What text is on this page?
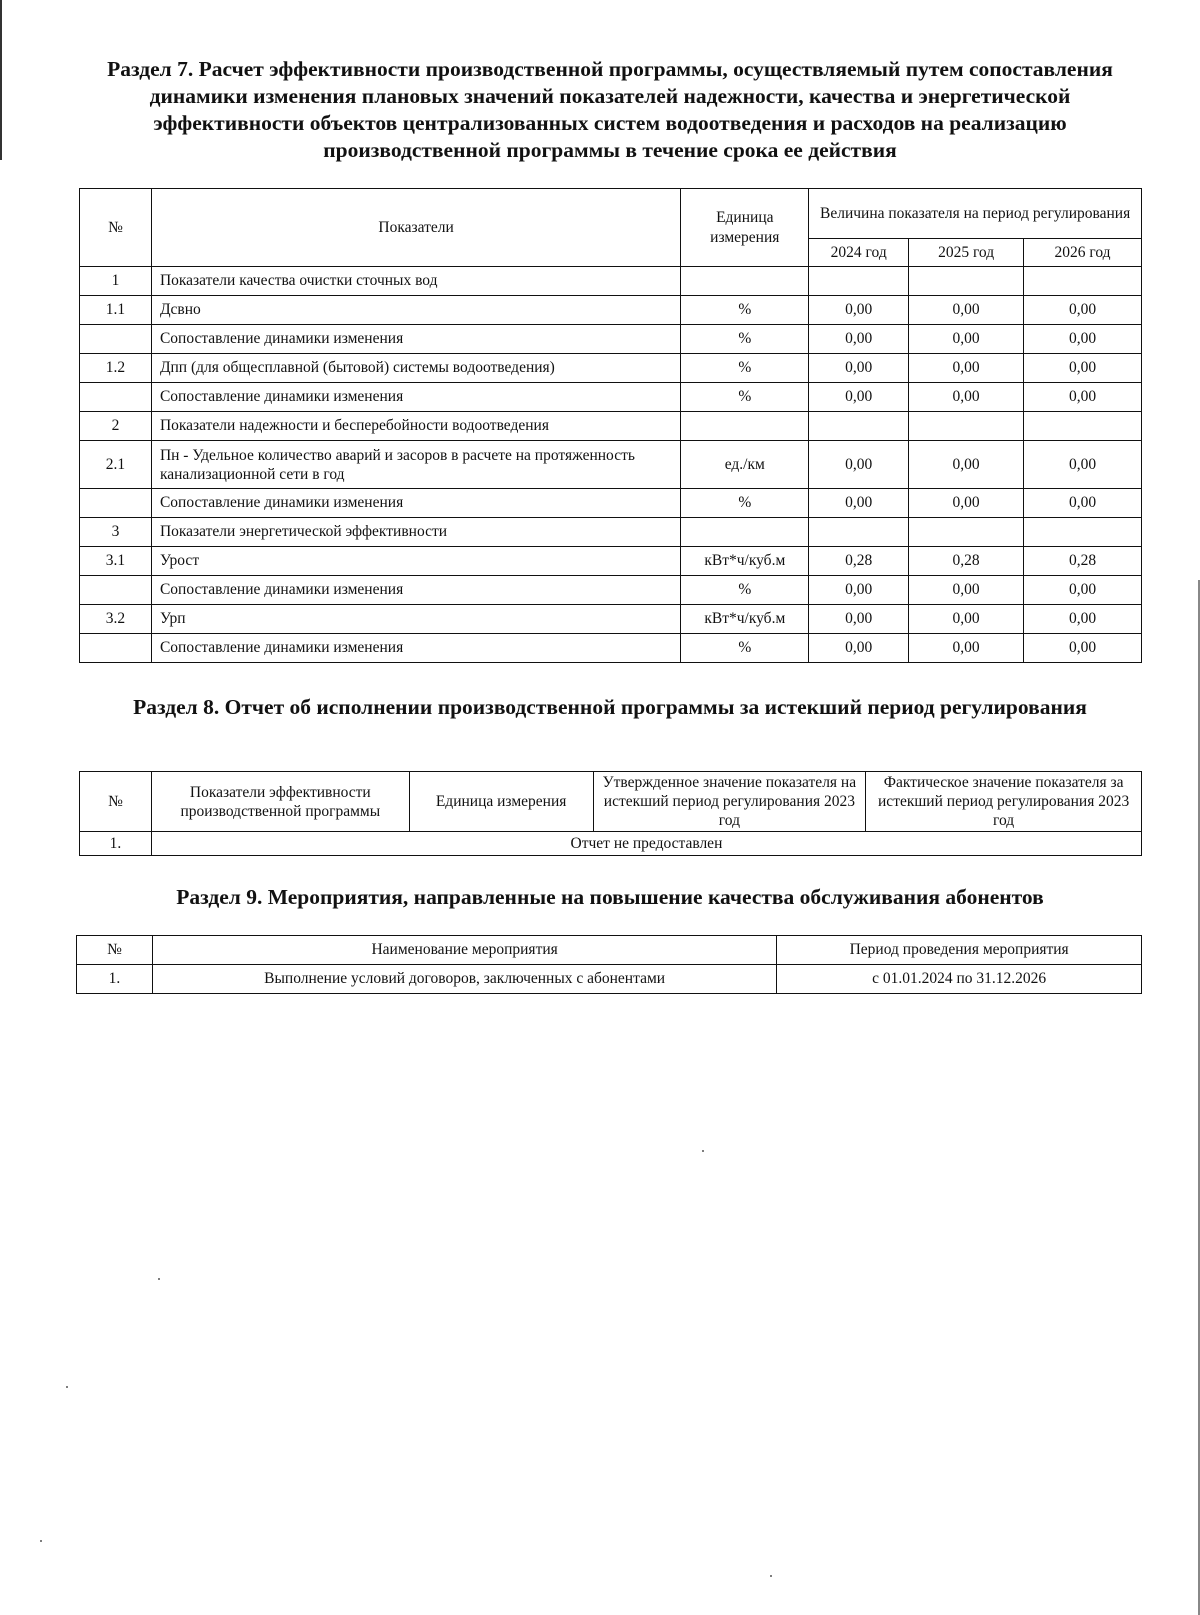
Раздел 7. Расчет эффективности производственной программы, осуществляемый путем сопоставления динамики изменения плановых значений показателей надежности, качества и энергетической эффективности объектов централизованных систем водоотведения и расходов на реализацию производственной программы в течение срока ее действия
№	Показатели	Единица измерения	Величина показателя на период регулирования		
			2024 год	2025 год	2026 год
1	Показатели качества очистки сточных вод				
1.1	Дсвно	%	0,00	0,00	0,00
	Сопоставление динамики изменения	%	0,00	0,00	0,00
1.2	Дпп (для общесплавной (бытовой) системы водоотведения)	%	0,00	0,00	0,00
	Сопоставление динамики изменения	%	0,00	0,00	0,00
2	Показатели надежности и бесперебойности водоотведения				
2.1	Пн - Удельное количество аварий и засоров в расчете на протяженность канализационной сети в год	ед./км	0,00	0,00	0,00
	Сопоставление динамики изменения	%	0,00	0,00	0,00
3	Показатели энергетической эффективности				
3.1	Урост	кВт*ч/куб.м	0,28	0,28	0,28
	Сопоставление динамики изменения	%	0,00	0,00	0,00
3.2	Урп	кВт*ч/куб.м	0,00	0,00	0,00
	Сопоставление динамики изменения	%	0,00	0,00	0,00
Раздел 8. Отчет об исполнении производственной программы за истекший период регулирования
№	Показатели эффективности производственной программы	Единица измерения	Утвержденное значение показателя на истекший период регулирования 2023 год	Фактическое значение показателя за истекший период регулирования 2023 год
1.	Отчет не предоставлен			
Раздел 9. Мероприятия, направленные на повышение качества обслуживания абонентов
№	Наименование мероприятия	Период проведения мероприятия
1.	Выполнение условий договоров, заключенных с абонентами	с 01.01.2024 по 31.12.2026
